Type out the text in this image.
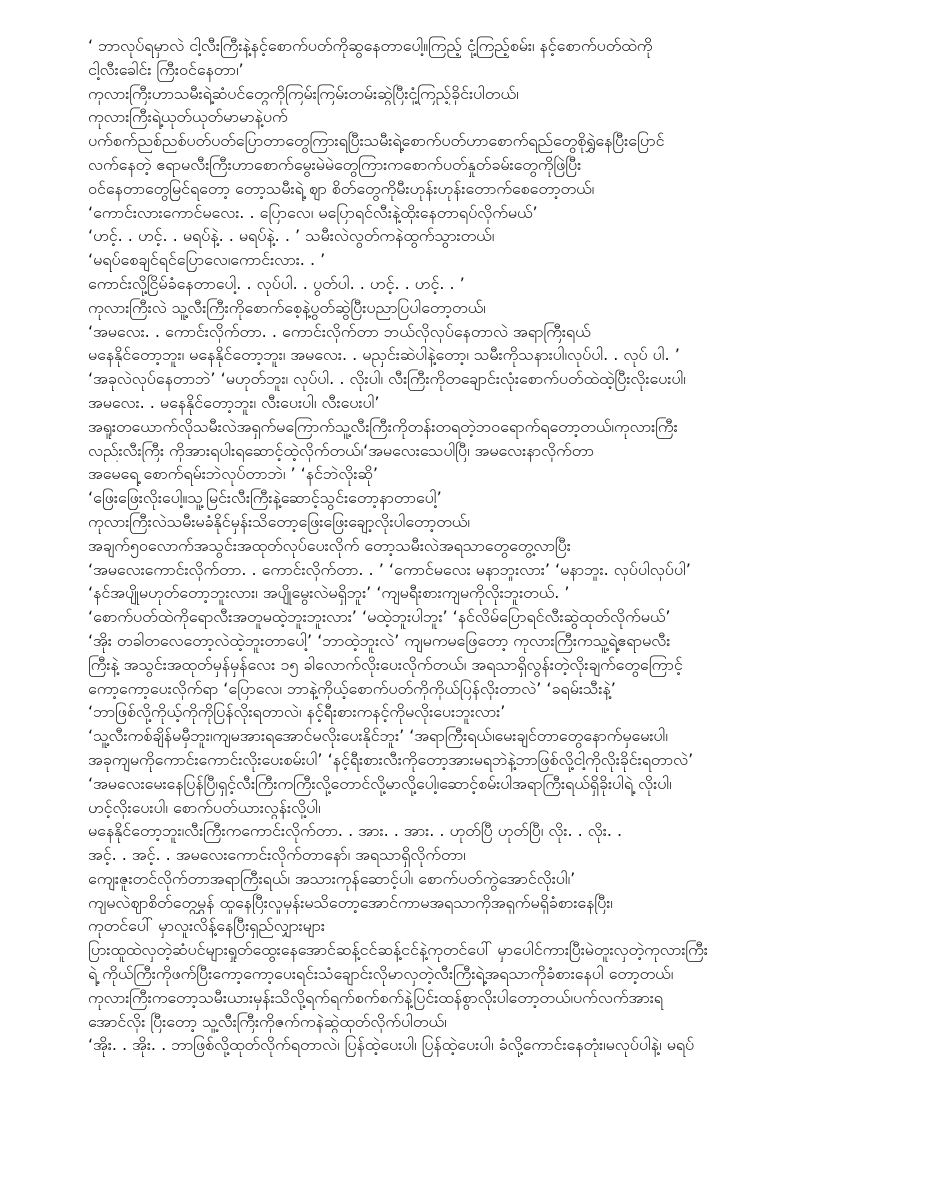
‘ ဘာလုပ်ရမှာလဲ ငါ့လီးကြီးနဲ့နင့်စောက်ပတ်ကိုဆွနေတာပေါ့။ကြည့် ငုံ့ကြည့်စမ်း၊ နင့်စောက်ပတ်ထဲကို
ငါ့လီးခေါင်း ကြီးဝင်နေတာ၊’
ကုလားကြီးဟာသမီးရဲ့ဆံပင်တွေကိုကြမ်းကြမ်းတမ်းဆွဲပြီးငုံ့ကြည့်ခိုင်းပါတယ်၊
ကုလားကြီးရဲ့ယုတ်ယုတ်မာမာနဲ့ပက်
ပက်စက်ညစ်ညစ်ပတ်ပတ်ပြောတာတွေကြားရပြီးသမီးရဲ့စောက်ပတ်ဟာစောက်ရည်တွေစိုရွှဲနေပြီးပြောင်
လက်နေတဲ့ ဧရာမလီးကြီးဟာစောက်မွေးမဲမဲတွေကြားကစောက်ပတ်နှုတ်ခမ်းတွေကိုဖြဲပြီး
ဝင်နေတာတွေမြင်ရတော့ တော့သမီးရဲ့ ဈာ စိတ်တွေကိုမီးဟုန်းဟုန်းတောက်စေတော့တယ်၊
‘ကောင်းလားကောင်မလေး. . ပြောလေ၊ မပြောရင်လီးနဲ့ထိုးနေတာရပ်လိုက်မယ်’
‘ဟင့်. . ဟင့်. . မရပ်နဲ့. . မရပ်နဲ့. . ’ သမီးလဲလွတ်ကနဲထွက်သွားတယ်၊
‘မရပ်စေချင်ရင်ပြောလေ၊ကောင်းလား. . ’
ကောင်းလို့ငြိမ်ခံနေတာပေါ့. . လုပ်ပါ. . ပွတ်ပါ. . ဟင့်. . ဟင့်. . ’
ကုလားကြီးလဲ သူ့လီးကြီးကိုစောက်စေ့နဲ့ပွတ်ဆွဲပြီးပညာပြပါတော့တယ်၊
‘အမလေး. . ကောင်းလိုက်တာ. . ကောင်းလိုက်တာ ဘယ်လိုလုပ်နေတာလဲ အရာကြီးရယ်
မနေနိုင်တော့ဘူး၊ မနေနိုင်တော့ဘူး၊ အမလေး. . မညှင်းဆဲပါနဲ့တော့၊ သမီးကိုသနားပါ၊လုပ်ပါ. . လုပ် ပါ. ’
‘အခုလဲလုပ်နေတာဘဲ’ ‘မဟုတ်ဘူး၊ လုပ်ပါ. . လိုးပါ၊ လီးကြီးကိုတချောင်းလုံးစောက်ပတ်ထဲထဲ့ပြီးလိုးပေးပါ၊
အမလေး. . မနေနိုင်တော့ဘူး၊ လီးပေးပါ၊ လီးပေးပါ’
အရူးတယောက်လိုသမီးလဲအရှက်မကြောက်သူ့လီးကြီးကိုတန်းတရတဲ့ဘဝရောက်ရတော့တယ်၊ကုလားကြီး
လည်းလီးကြီး ကိုအားရပါးရဆောင့်ထဲ့လိုက်တယ်၊‘အမလေးသေပါပြီ၊ အမလေးနာလိုက်တာ
အမေရေ့ စောက်ရမ်းဘဲလုပ်တာဘဲ၊ ’ ‘နင်ဘဲလိုးဆို’
‘ဖြေးဖြေးလိုးပေါ့။သူ့မြင်းလီးကြီးနဲ့ဆောင့်သွင်းတော့နာတာပေါ့’
ကုလားကြီးလဲသမီးမခံနိုင်မှန်းသိတော့ဖြေးဖြေးချော့လိုးပါတော့တယ်၊
အချက်၅၀လောက်အသွင်းအထုတ်လုပ်ပေးလိုက် တော့သမီးလဲအရသာတွေတွေ့လာပြီး
‘အမလေးကောင်းလိုက်တာ. . ကောင်းလိုက်တာ. . ’ ‘ကောင်မလေး မနာဘူးလား’ ‘မနာဘူး. လုပ်ပါလုပ်ပါ’
‘နင်အပျိုမဟုတ်တော့ဘူးလား၊ အပျိုမွေးလဲမရှိဘူး’ ‘ကျမရီးစားကျမကိုလိုးဘူးတယ်. ’
‘စောက်ပတ်ထဲကိုရောလီးအတူမထဲ့ဘူးဘူးလား’ ‘မထဲ့ဘူးပါဘူး’ ‘နင်လိမ်ပြောရင်လီးဆွဲထုတ်လိုက်မယ်’
‘အိုး တခါတလေတော့လဲထဲ့ဘူးတာပေါ့’ ‘ဘာထဲ့ဘူးလဲ’ ကျမကမဖြေတော့ ကုလားကြီးကသူ့ရဲ့ဧရာမလီး
ကြီးနဲ့ အသွင်းအထုတ်မှန်မှန်လေး ၁၅ ခါလောက်လိုးပေးလိုက်တယ်၊ အရသာရှိလွန်းတဲ့လိုးချက်တွေကြောင့်
ကော့ကော့ပေးလိုက်ရာ ‘ပြောလေ၊ ဘာနဲ့ကိုယ့်စောက်ပတ်ကိုကိုယ်ပြန်လိုးတာလဲ’ ‘ခရမ်းသီးနဲ့’
‘ဘာဖြစ်လို့ကိုယ့်ကိုကိုပြန်လိုးရတာလဲ၊ နင့်ရီးစားကနင့်ကိုမလိုးပေးဘူးလား’
‘သူ့လီးကစ်ချိန်မမှီဘူး၊ကျမအားရအောင်မလိုးပေးနိုင်ဘူး’ ‘အရာကြီးရယ်၊မေးချင်တာတွေနောက်မှမေးပါ၊
အခုကျမကိုကောင်းကောင်းလိုးပေးစမ်းပါ’ ‘နင့်ရီးစားလီးကိုတော့အားမရဘဲနဲ့ဘာဖြစ်လို့ငါ့ကိုလိုးခိုင်းရတာလဲ’
‘အမလေးမေးနေပြန်ပြီ၊ရှင့်လီးကြီးကကြီးလို့တောင်လို့မာလို့ပေါ့၊ဆောင့်စမ်းပါအရာကြီးရယ်ရှိခိုးပါရဲ့ လိုးပါ၊
ဟင့်လိုးပေးပါ၊ စောက်ပတ်ယားလွန်းလို့ပါ၊
မနေနိုင်တော့ဘူး၊လီးကြီးကကောင်းလိုက်တာ. . အား. . အား. . ဟုတ်ပြီ ဟုတ်ပြီ၊ လိုး. . လိုး. .
အင့်. . အင့်. . အမလေးကောင်းလိုက်တာနော်၊ အရသာရှိလိုက်တာ၊
ကျေးဇူးတင်လိုက်တာအရာကြီးရယ်၊ အသားကုန်ဆောင့်ပါ၊ စောက်ပတ်ကွဲအောင်လိုးပါ၊’
ကျမလဲဈာစိတ်တွေမွှန် ထူနေပြီးလူမှန်းမသိတော့အောင်ကာမအရသာကိုအရှက်မရှိခံစားနေပြီး၊
ကုတင်ပေါ် မှာလူးလိန့်နေပြီးရှည်လျှားများ
ပြားထူထဲလှတဲ့ဆံပင်များရှုတ်ထွေးနေအောင်ဆန့်ငင်ဆန့်ငင်နဲ့ကုတင်ပေါ် မှာပေါင်ကားပြီးမဲတူးလှတဲ့ကုလားကြီး
ရဲ့ ကိုယ်ကြီးကိုဖက်ပြီးကော့ကော့ပေးရင်းသံချောင်းလိုမာလှတဲ့လီးကြီးရဲ့အရသာကိုခံစားနေပါ တော့တယ်၊
ကုလားကြီးကတော့သမီးယားမှန်းသိလို့ရက်ရက်စက်စက်နဲ့ပြင်းထန်စွာလိုးပါတော့တယ်၊ပက်လက်အားရ
အောင်လိုး ပြီးတော့ သူ့လီးကြီးကိုဇက်ကနဲဆွဲထုတ်လိုက်ပါတယ်၊
‘အိုး. . အိုး. . ဘာဖြစ်လို့ထုတ်လိုက်ရတာလဲ၊ ပြန်ထဲ့ပေးပါ၊ ပြန်ထဲ့ပေးပါ၊ ခံလို့ကောင်းနေတုံး၊မလုပ်ပါနဲ့၊ မရပ်
